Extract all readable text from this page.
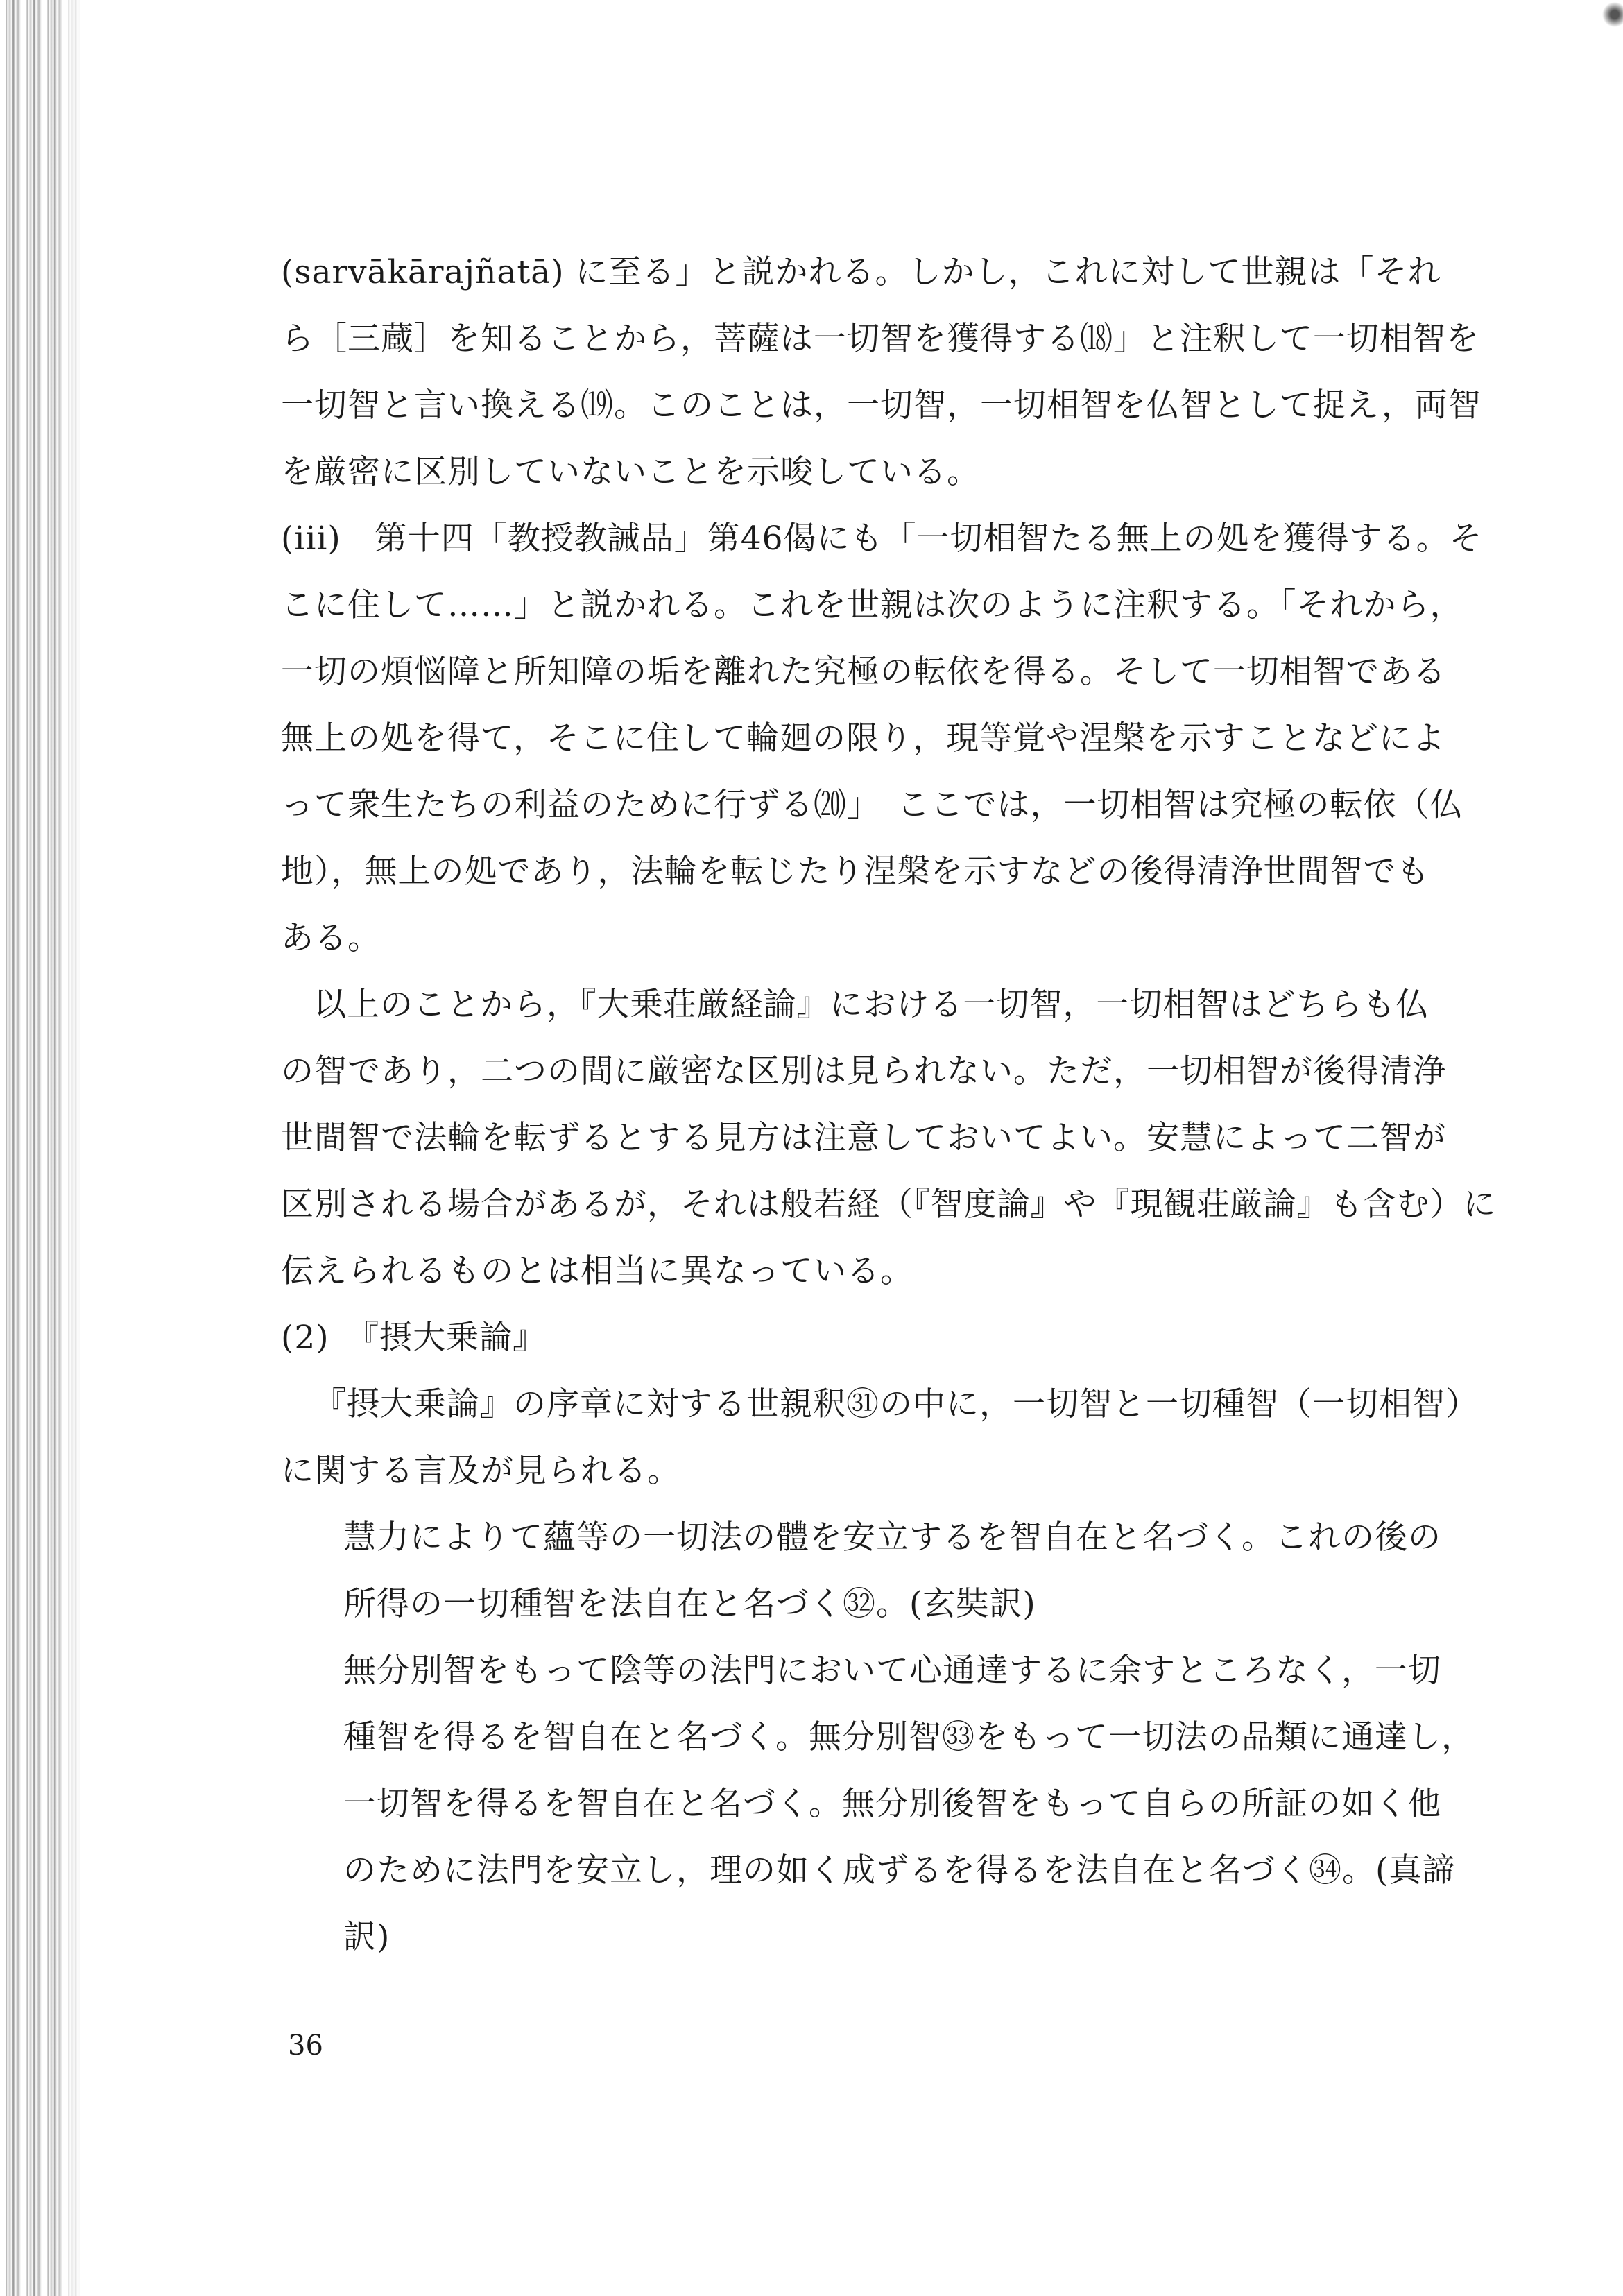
(sarvākārajñatā) に至る」と説かれる。しかし，これに対して世親は「それ
ら［三蔵］を知ることから，菩薩は一切智を獲得する⒅」と注釈して一切相智を
一切智と言い換える⒆。このことは，一切智，一切相智を仏智として捉え，両智
を厳密に区別していないことを示唆している。
(iii)　第十四「教授教誡品」第46偈にも「一切相智たる無上の処を獲得する。そ
こに住して……」と説かれる。これを世親は次のように注釈する。「それから，
一切の煩悩障と所知障の垢を離れた究極の転依を得る。そして一切相智である
無上の処を得て，そこに住して輪廻の限り，現等覚や涅槃を示すことなどによ
って衆生たちの利益のために行ずる⒇」　ここでは，一切相智は究極の転依（仏
地），無上の処であり，法輪を転じたり涅槃を示すなどの後得清浄世間智でも
ある。
以上のことから，『大乗荘厳経論』における一切智，一切相智はどちらも仏
の智であり，二つの間に厳密な区別は見られない。ただ，一切相智が後得清浄
世間智で法輪を転ずるとする見方は注意しておいてよい。安慧によって二智が
区別される場合があるが，それは般若経（『智度論』や『現観荘厳論』も含む）に
伝えられるものとは相当に異なっている。
(2)　『摂大乗論』
『摂大乗論』の序章に対する世親釈㉛の中に，一切智と一切種智（一切相智）
に関する言及が見られる。
慧力によりて蘊等の一切法の體を安立するを智自在と名づく。これの後の
所得の一切種智を法自在と名づく㉜。(玄奘訳)
無分別智をもって陰等の法門において心通達するに余すところなく，一切
種智を得るを智自在と名づく。無分別智㉝をもって一切法の品類に通達し，
一切智を得るを智自在と名づく。無分別後智をもって自らの所証の如く他
のために法門を安立し，理の如く成ずるを得るを法自在と名づく㉞。(真諦
訳)
36
